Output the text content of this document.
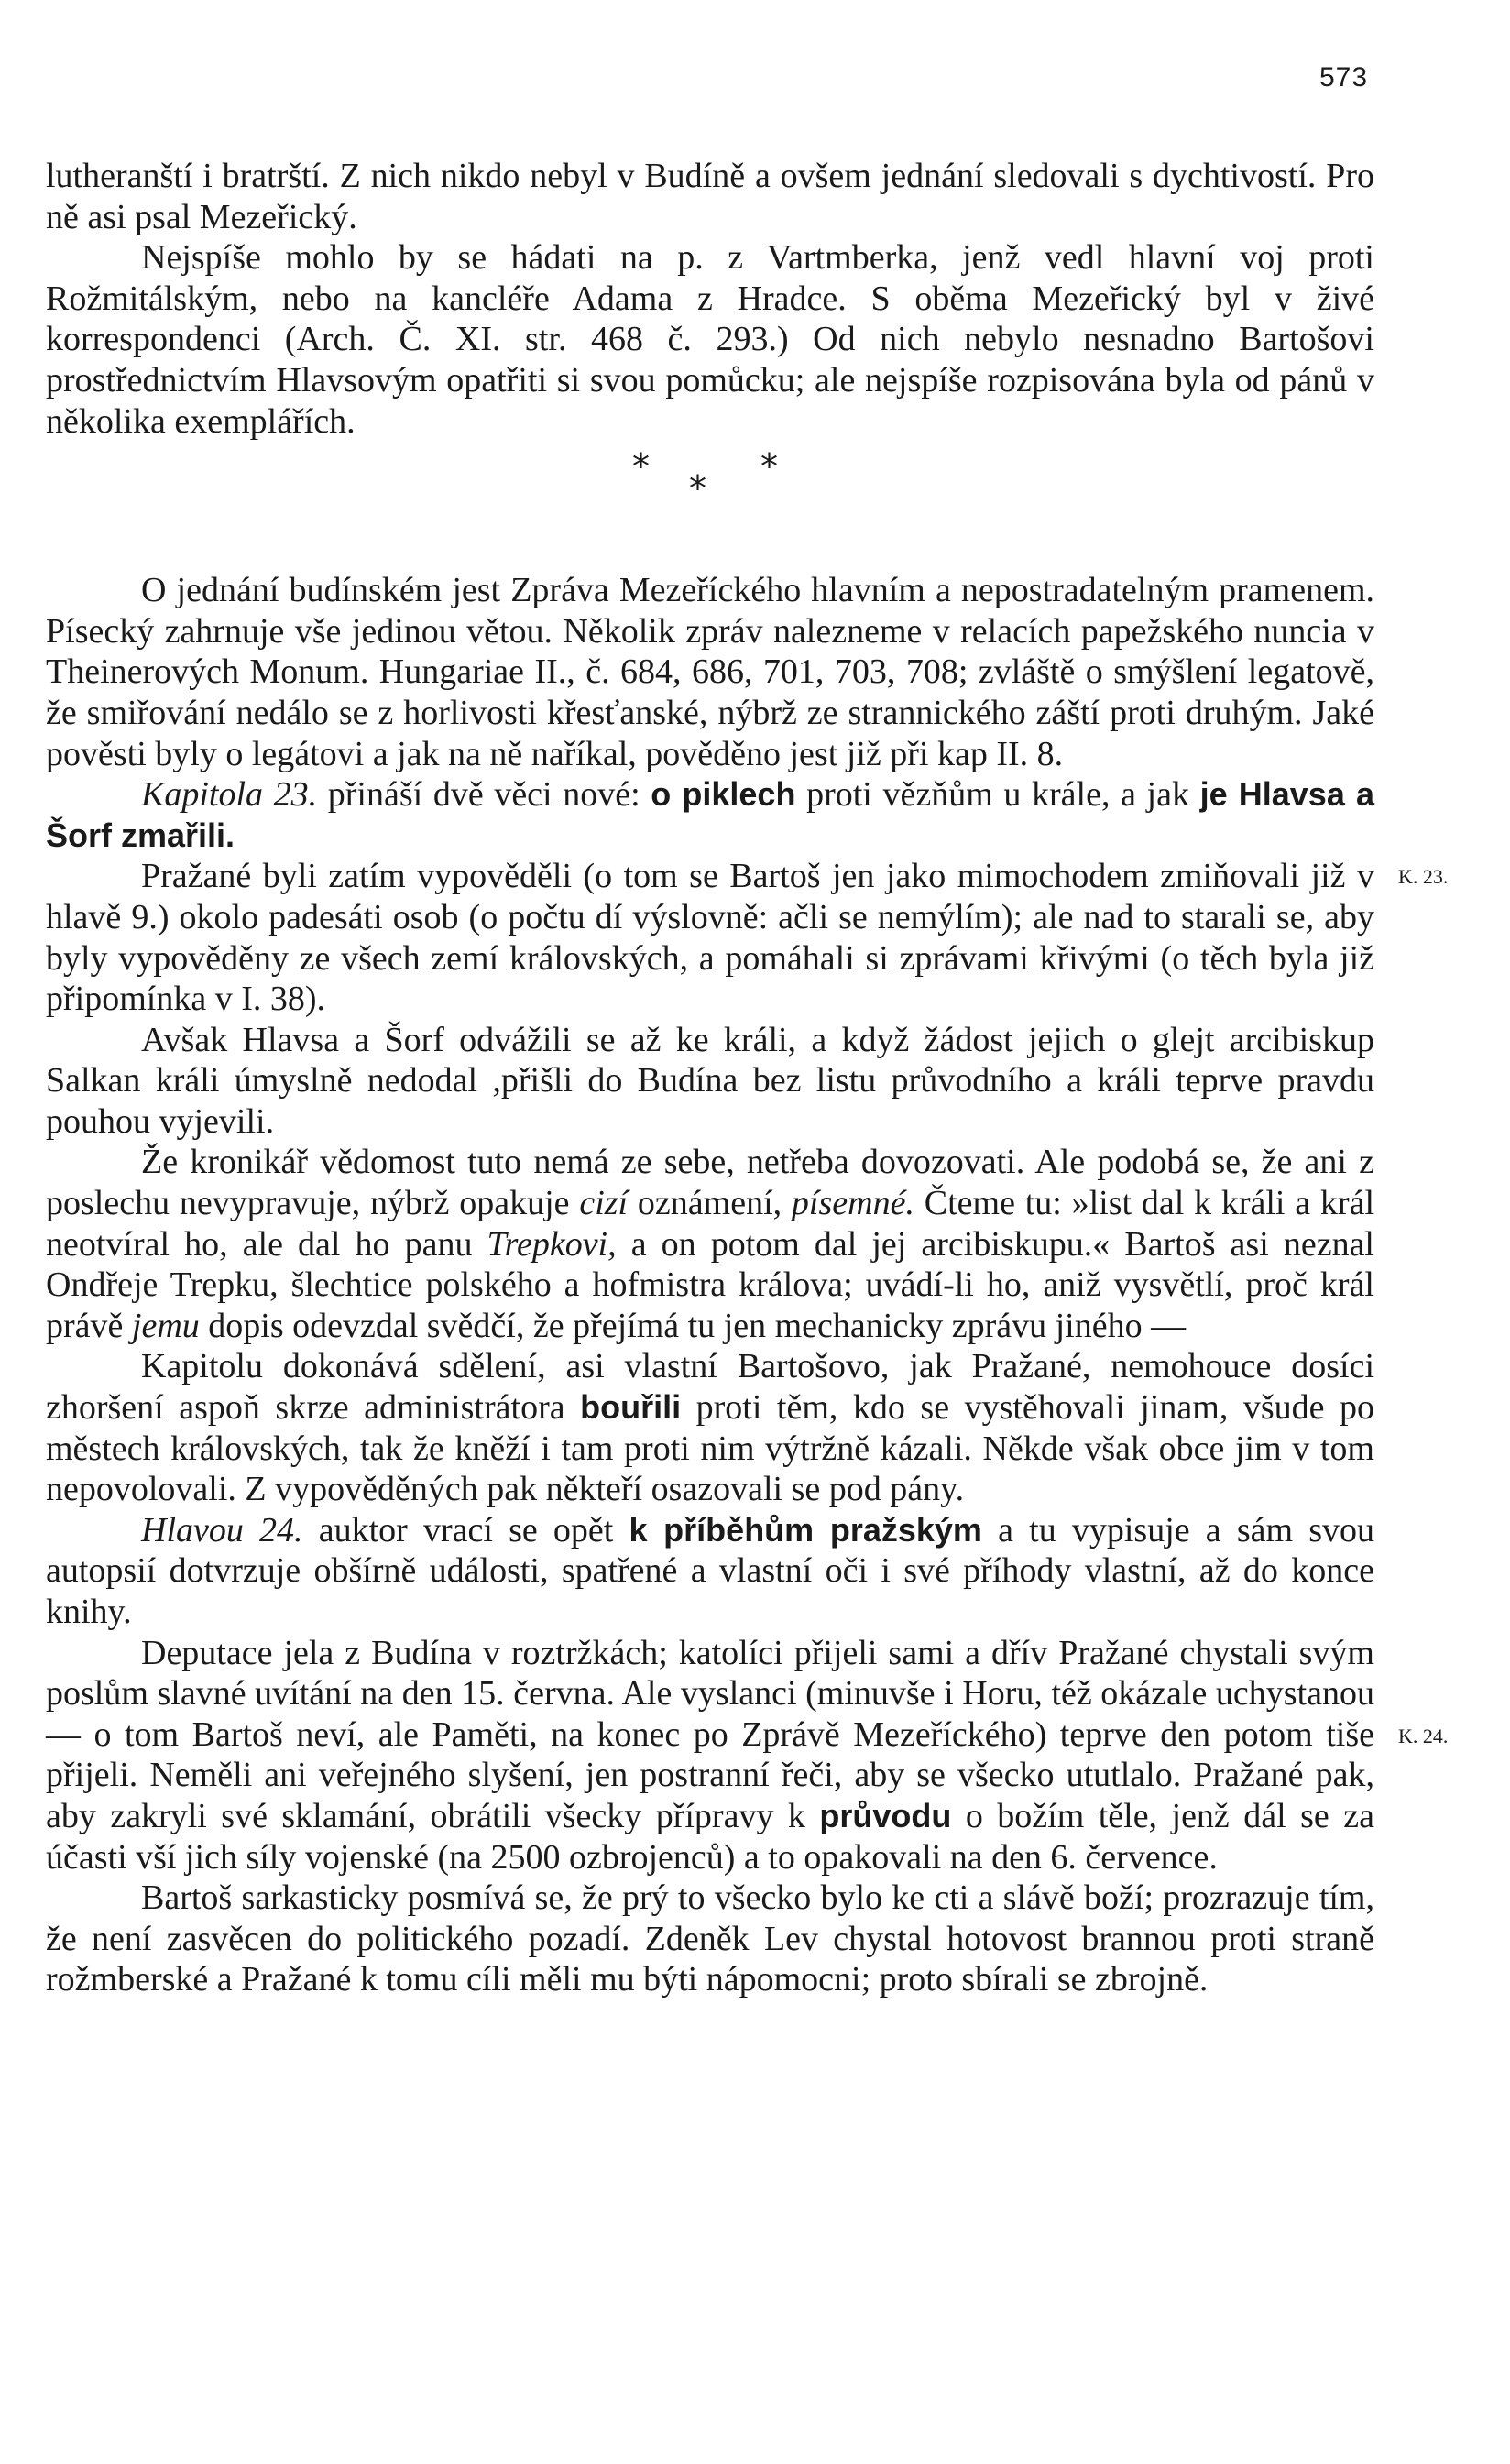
573

lutheranští i bratrští. Z nich nikdo nebyl v Budíně a ovšem jednání sledovali s dychtivostí. Pro ně asi psal Mezeřický.

Nejspíše mohlo by se hádati na p. z Vartmberka, jenž vedl hlavní voj proti Rožmitálským, nebo na kancléře Adama z Hradce. S oběma Mezeřický byl v živé korrespondenci (Arch. Č. XI. str. 468 č. 293.) Od nich nebylo nesnadno Bartošovi prostřednictvím Hlavsovým opatřiti si svou pomůcku; ale nejspíše rozpisována byla od pánů v několika exemplářích.

*
*
*

O jednání budínském jest Zpráva Mezeříckého hlavním a nepostradatelným pramenem. Písecký zahrnuje vše jedinou větou. Několik zpráv nalezneme v relacích papežského nuncia v Theinerových Monum. Hungariae II., č. 684, 686, 701, 703, 708; zvláště o smýšlení legatově, že smiřování nedálo se z horlivosti křesťanské, nýbrž ze strannického záští proti druhým. Jaké pověsti byly o legátovi a jak na ně naříkal, pověděno jest již při kap II. 8.

Kapitola 23. přináší dvě věci nové: o piklech proti vězňům u krále, a jak je Hlavsa a Šorf zmařili.

Pražané byli zatím vypověděli (o tom se Bartoš jen jako mimochodem zmiňovali již v hlavě 9.) okolo padesáti osob (o počtu dí výslovně: ačli se nemýlím); ale nad to starali se, aby byly vypověděny ze všech zemí královských, a pomáhali si zprávami křivými (o těch byla již připomínka v I. 38).

Avšak Hlavsa a Šorf odvážili se až ke králi, a když žádost jejich o glejt arcibiskup Salkan králi úmyslně nedodal ,přišli do Budína bez listu průvodního a králi teprve pravdu pouhou vyjevili.

Že kronikář vědomost tuto nemá ze sebe, netřeba dovozovati. Ale podobá se, že ani z poslechu nevypravuje, nýbrž opakuje cizí oznámení, písemné. Čteme tu: »list dal k králi a král neotvíral ho, ale dal ho panu Trepkovi, a on potom dal jej arcibiskupu.« Bartoš asi neznal Ondřeje Trepku, šlechtice polského a hofmistra králova; uvádí-li ho, aniž vysvětlí, proč král právě jemu dopis odevzdal svědčí, že přejímá tu jen mechanicky zprávu jiného —

Kapitolu dokonává sdělení, asi vlastní Bartošovo, jak Pražané, nemohouce dosíci zhoršení aspoň skrze administrátora bouřili proti těm, kdo se vystěhovali jinam, všude po městech královských, tak že kněží i tam proti nim výtržně kázali. Někde však obce jim v tom nepovolovali. Z vypověděných pak někteří osazovali se pod pány.

Hlavou 24. auktor vrací se opět k příběhům pražským a tu vypisuje a sám svou autopsií dotvrzuje obšírně události, spatřené a vlastní oči i své příhody vlastní, až do konce knihy.

Deputace jela z Budína v roztržkách; katolíci přijeli sami a dřív Pražané chystali svým poslům slavné uvítání na den 15. června. Ale vyslanci (minuvše i Horu, též okázale uchystanou — o tom Bartoš neví, ale Paměti, na konec po Zprávě Mezeříckého) teprve den potom tiše přijeli. Neměli ani veřejného slyšení, jen postranní řeči, aby se všecko ututlalo. Pražané pak, aby zakryli své sklamání, obrátili všecky přípravy k průvodu o božím těle, jenž dál se za účasti vší jich síly vojenské (na 2500 ozbrojenců) a to opakovali na den 6. července.

Bartoš sarkasticky posmívá se, že prý to všecko bylo ke cti a slávě boží; prozrazuje tím, že není zasvěcen do politického pozadí. Zdeněk Lev chystal hotovost brannou proti straně rožmberské a Pražané k tomu cíli měli mu býti nápomocni; proto sbírali se zbrojně.

K. 23.
K. 24.
